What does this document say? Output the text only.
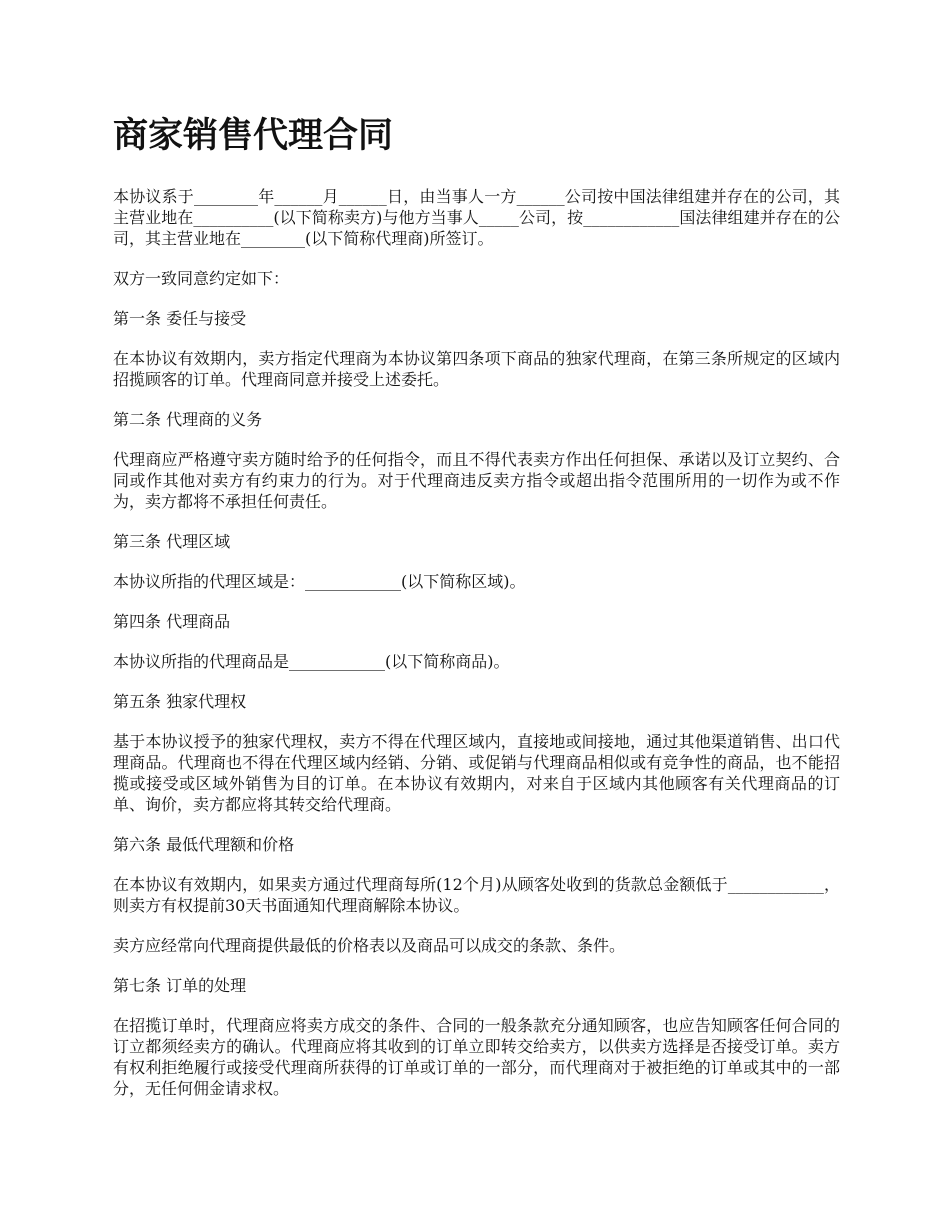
商家销售代理合同

本协议系于________年______月______日，由当事人一方______公司按中国法律组建并存在的公司，其主营业地在__________(以下简称卖方)与他方当事人_____公司，按____________国法律组建并存在的公司，其主营业地在________(以下简称代理商)所签订。

双方一致同意约定如下：

第一条 委任与接受

在本协议有效期内，卖方指定代理商为本协议第四条项下商品的独家代理商，在第三条所规定的区域内招揽顾客的订单。代理商同意并接受上述委托。

第二条 代理商的义务

代理商应严格遵守卖方随时给予的任何指令，而且不得代表卖方作出任何担保、承诺以及订立契约、合同或作其他对卖方有约束力的行为。对于代理商违反卖方指令或超出指令范围所用的一切作为或不作为，卖方都将不承担任何责任。

第三条 代理区域

本协议所指的代理区域是：____________(以下简称区域)。

第四条 代理商品

本协议所指的代理商品是____________(以下简称商品)。

第五条 独家代理权

基于本协议授予的独家代理权，卖方不得在代理区域内，直接地或间接地，通过其他渠道销售、出口代理商品。代理商也不得在代理区域内经销、分销、或促销与代理商品相似或有竞争性的商品，也不能招揽或接受或区域外销售为目的订单。在本协议有效期内，对来自于区域内其他顾客有关代理商品的订单、询价，卖方都应将其转交给代理商。

第六条 最低代理额和价格

在本协议有效期内，如果卖方通过代理商每所(12个月)从顾客处收到的货款总金额低于____________，则卖方有权提前30天书面通知代理商解除本协议。

卖方应经常向代理商提供最低的价格表以及商品可以成交的条款、条件。

第七条 订单的处理

在招揽订单时，代理商应将卖方成交的条件、合同的一般条款充分通知顾客，也应告知顾客任何合同的订立都须经卖方的确认。代理商应将其收到的订单立即转交给卖方，以供卖方选择是否接受订单。卖方有权利拒绝履行或接受代理商所获得的订单或订单的一部分，而代理商对于被拒绝的订单或其中的一部分，无任何佣金请求权。
